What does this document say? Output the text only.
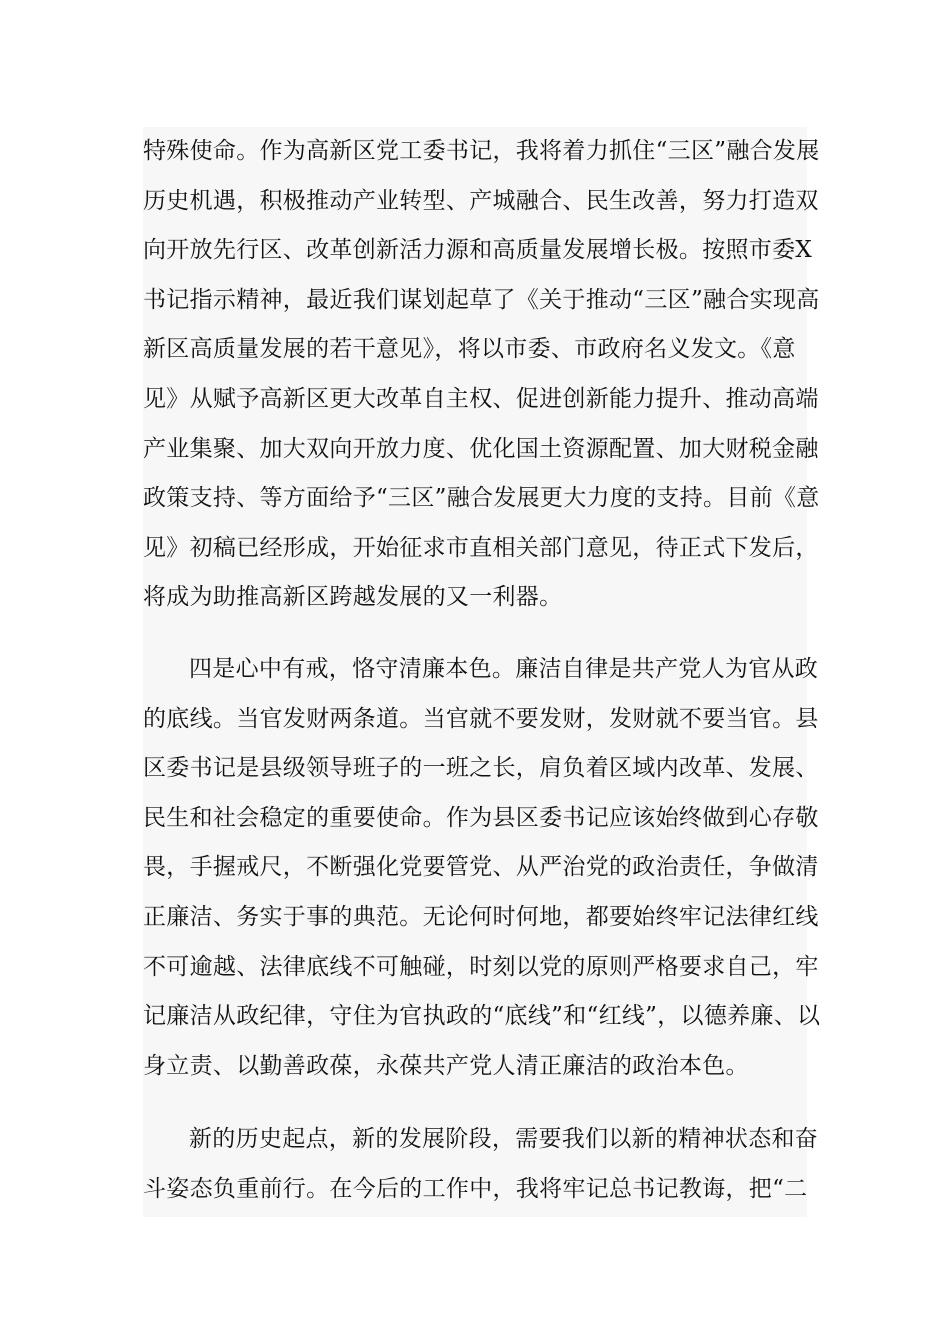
特殊使命。作为高新区党工委书记，我将着力抓住“三区”融合发展历史机遇，积极推动产业转型、产城融合、民生改善，努力打造双向开放先行区、改革创新活力源和高质量发展增长极。按照市委X书记指示精神，最近我们谋划起草了《关于推动“三区”融合实现高新区高质量发展的若干意见》，将以市委、市政府名义发文。《意见》从赋予高新区更大改革自主权、促进创新能力提升、推动高端产业集聚、加大双向开放力度、优化国土资源配置、加大财税金融政策支持、等方面给予“三区”融合发展更大力度的支持。目前《意见》初稿已经形成，开始征求市直相关部门意见，待正式下发后，将成为助推高新区跨越发展的又一利器。

四是心中有戒，恪守清廉本色。廉洁自律是共产党人为官从政的底线。当官发财两条道。当官就不要发财，发财就不要当官。县区委书记是县级领导班子的一班之长，肩负着区域内改革、发展、民生和社会稳定的重要使命。作为县区委书记应该始终做到心存敬畏，手握戒尺，不断强化党要管党、从严治党的政治责任，争做清正廉洁、务实于事的典范。无论何时何地，都要始终牢记法律红线不可逾越、法律底线不可触碰，时刻以党的原则严格要求自己，牢记廉洁从政纪律，守住为官执政的“底线”和“红线”，以德养廉、以身立责、以勤善政葆，永葆共产党人清正廉洁的政治本色。

新的历史起点，新的发展阶段，需要我们以新的精神状态和奋斗姿态负重前行。在今后的工作中，我将牢记总书记教诲，把“二
